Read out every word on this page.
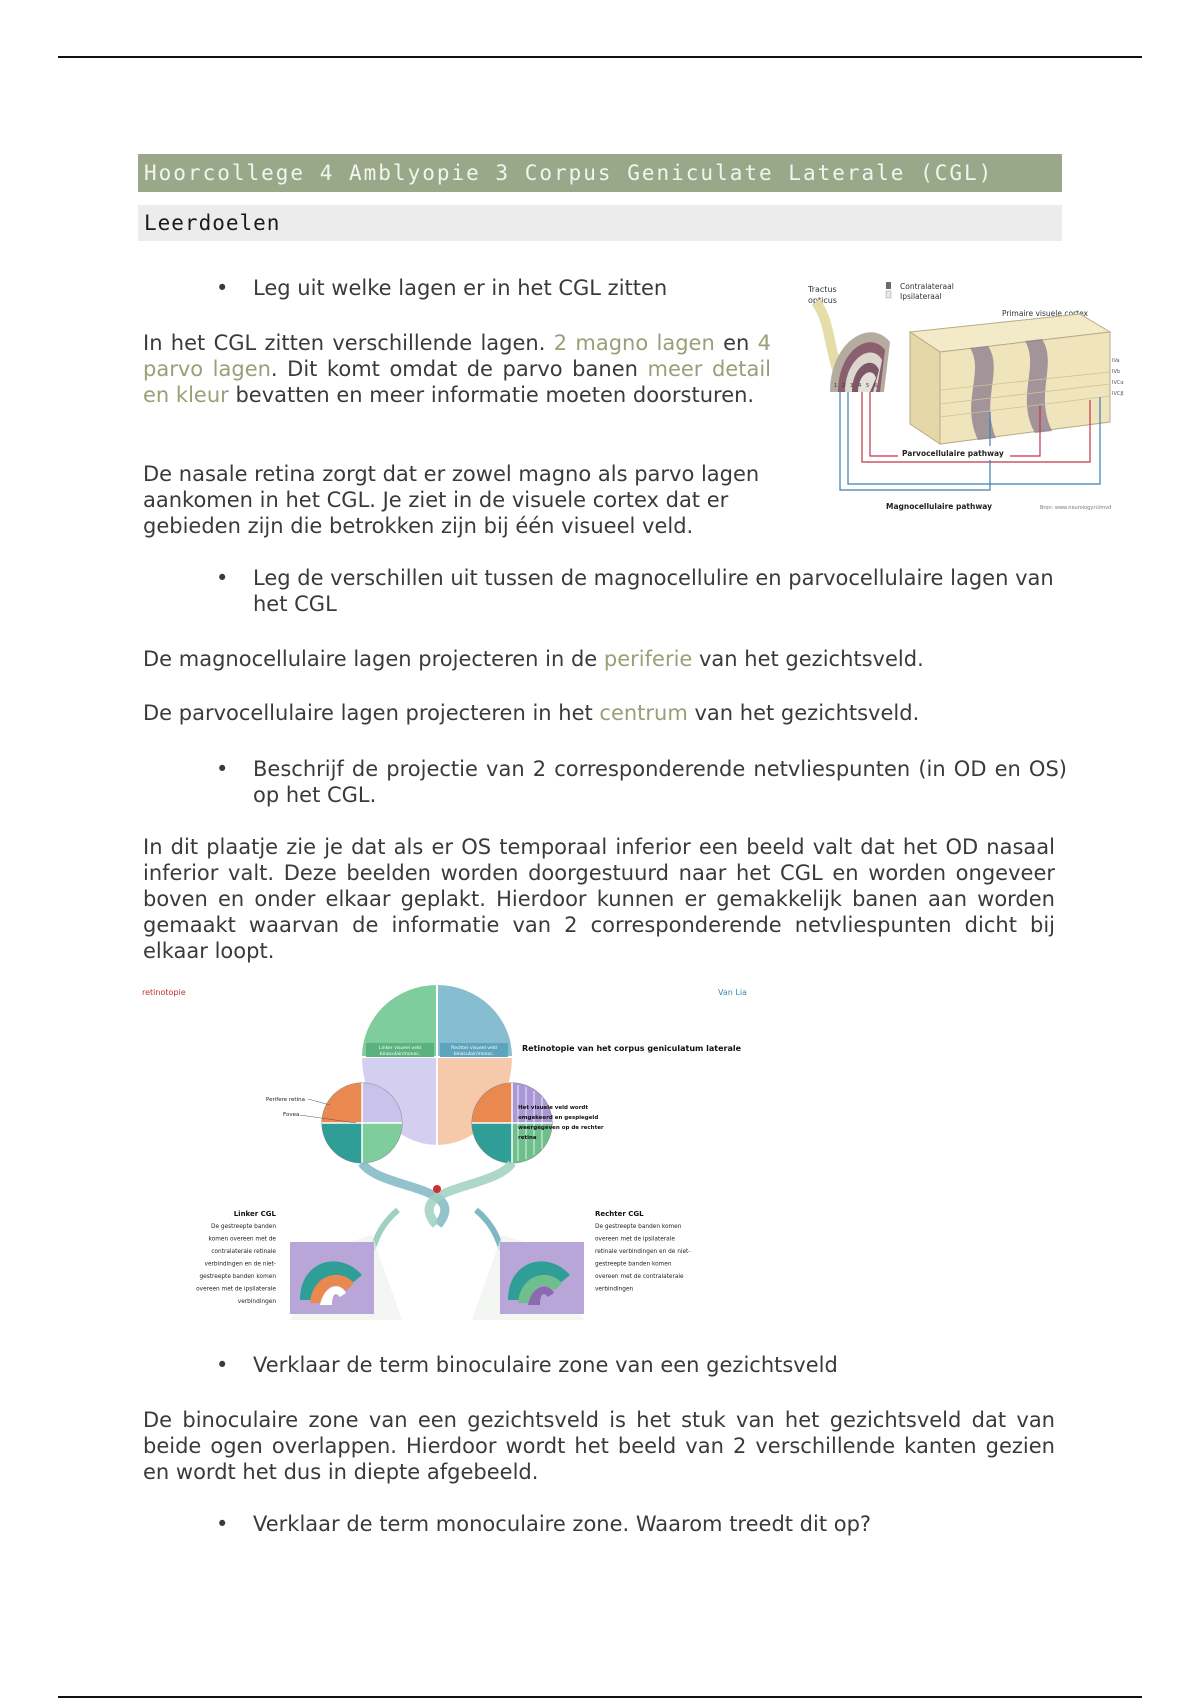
Hoorcollege 4 Amblyopie 3 Corpus Geniculate Laterale (CGL)
Leerdoelen
• Leg uit welke lagen er in het CGL zitten
In het CGL zitten verschillende lagen. 2 magno lagen en 4 parvo lagen. Dit komt omdat de parvo banen meer detail en kleur bevatten en meer informatie moeten doorsturen.
De nasale retina zorgt dat er zowel magno als parvo lagen aankomen in het CGL. Je ziet in de visuele cortex dat er gebieden zijn die betrokken zijn bij één visueel veld.
Tractus
opticus
Contralateraal
Ipsilateraal
Primaire visuele cortex
1 2 3 4 5 6
IVa
IVb
IVCα
IVCβ
Parvocellulaire pathway
Magnocellulaire pathway	Bron: www.neurology.nl/mvd
• Leg de verschillen uit tussen de magnocellulire en parvocellulaire lagen van het CGL
De magnocellulaire lagen projecteren in de periferie van het gezichtsveld.
De parvocellulaire lagen projecteren in het centrum van het gezichtsveld.
• Beschrijf de projectie van 2 corresponderende netvliespunten (in OD en OS) op het CGL.
In dit plaatje zie je dat als er OS temporaal inferior een beeld valt dat het OD nasaal inferior valt. Deze beelden worden doorgestuurd naar het CGL en worden ongeveer boven en onder elkaar geplakt. Hierdoor kunnen er gemakkelijk banen aan worden gemaakt waarvan de informatie van 2 corresponderende netvliespunten dicht bij elkaar loopt.
retinotopie	Van Lia
Linker visueel veld
binoculair/monoc.
Rechter visueel veld
binoculair/monoc.
Retinotopie van het corpus geniculatum laterale
Perifere retina
Fovea
Het visuele veld wordt
omgekeerd en gespiegeld
weergegeven op de rechter
retina
Linker CGL
De gestreepte banden
komen overeen met de
contralaterale retinale
verbindingen en de niet-
gestreepte banden komen
overeen met de ipsilaterale
verbindingen
Rechter CGL
De gestreepte banden komen
overeen met de ipsilaterale
retinale verbindingen en de niet-
gestreepte banden komen
overeen met de contralaterale
verbindingen
• Verklaar de term binoculaire zone van een gezichtsveld
De binoculaire zone van een gezichtsveld is het stuk van het gezichtsveld dat van beide ogen overlappen. Hierdoor wordt het beeld van 2 verschillende kanten gezien en wordt het dus in diepte afgebeeld.
• Verklaar de term monoculaire zone. Waarom treedt dit op?
